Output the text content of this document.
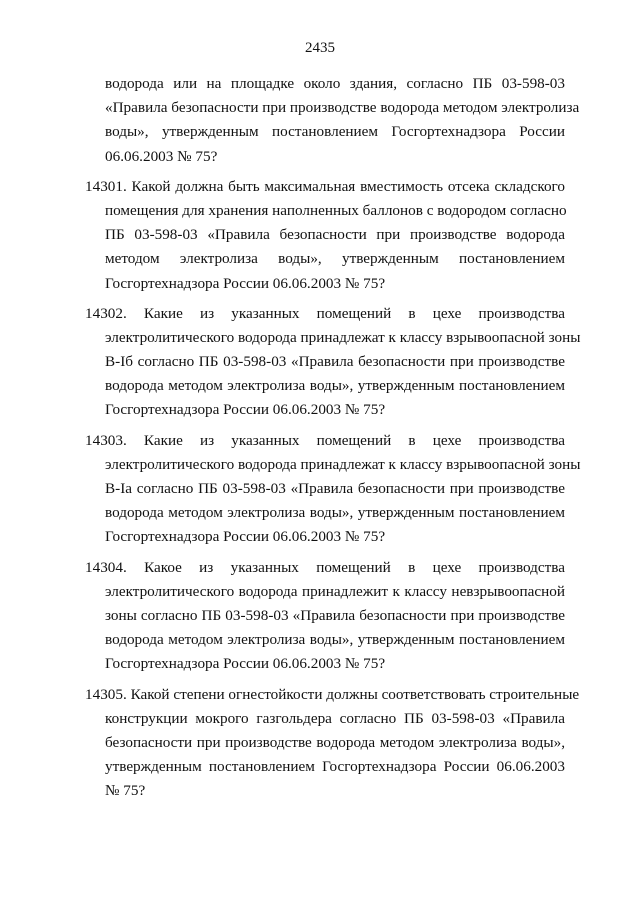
2435
водорода или на площадке около здания, согласно ПБ 03-598-03
«Правила безопасности при производстве водорода методом электролиза
воды», утвержденным постановлением Госгортехнадзора России
06.06.2003 № 75?
14301. Какой должна быть максимальная вместимость отсека складского
помещения для хранения наполненных баллонов с водородом согласно
ПБ 03-598-03 «Правила безопасности при производстве водорода
методом электролиза воды», утвержденным постановлением
Госгортехнадзора России 06.06.2003 № 75?
14302. Какие из указанных помещений в цехе производства
электролитического водорода принадлежат к классу взрывоопасной зоны
В-Іб согласно ПБ 03-598-03 «Правила безопасности при производстве
водорода методом электролиза воды», утвержденным постановлением
Госгортехнадзора России 06.06.2003 № 75?
14303. Какие из указанных помещений в цехе производства
электролитического водорода принадлежат к классу взрывоопасной зоны
В-Іа согласно ПБ 03-598-03 «Правила безопасности при производстве
водорода методом электролиза воды», утвержденным постановлением
Госгортехнадзора России 06.06.2003 № 75?
14304. Какое из указанных помещений в цехе производства
электролитического водорода принадлежит к классу невзрывоопасной
зоны согласно ПБ 03-598-03 «Правила безопасности при производстве
водорода методом электролиза воды», утвержденным постановлением
Госгортехнадзора России 06.06.2003 № 75?
14305. Какой степени огнестойкости должны соответствовать строительные
конструкции мокрого газгольдера согласно ПБ 03-598-03 «Правила
безопасности при производстве водорода методом электролиза воды»,
утвержденным постановлением Госгортехнадзора России 06.06.2003
№ 75?
